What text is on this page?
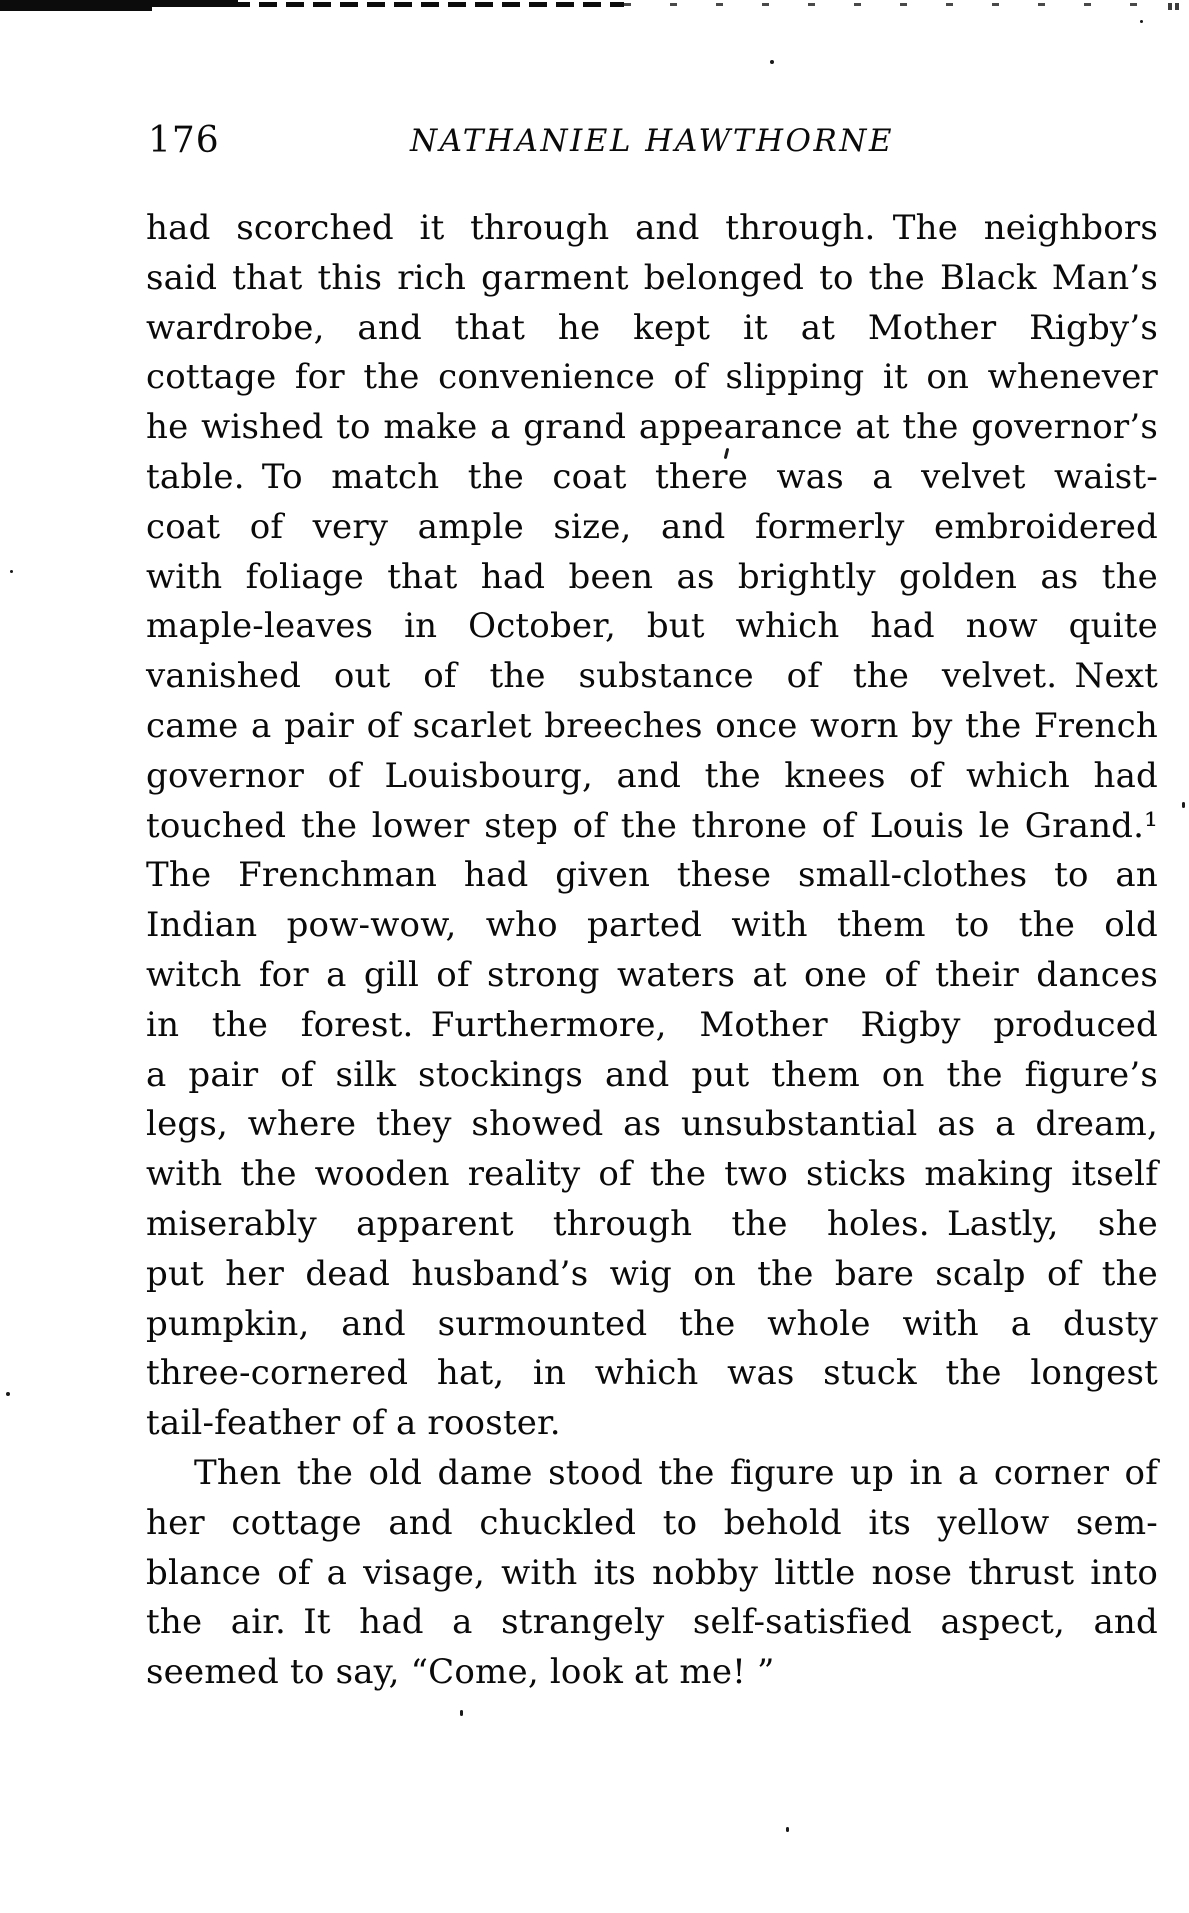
176	NATHANIEL HAWTHORNE
had scorched it through and through. The neighbors
said that this rich garment belonged to the Black Man’s
wardrobe, and that he kept it at Mother Rigby’s
cottage for the convenience of slipping it on whenever
he wished to make a grand appearance at the governor’s
table. To match the coat there was a velvet waist-
coat of very ample size, and formerly embroidered
with foliage that had been as brightly golden as the
maple-leaves in October, but which had now quite
vanished out of the substance of the velvet. Next
came a pair of scarlet breeches once worn by the French
governor of Louisbourg, and the knees of which had
touched the lower step of the throne of Louis le Grand.¹
The Frenchman had given these small-clothes to an
Indian pow-wow, who parted with them to the old
witch for a gill of strong waters at one of their dances
in the forest. Furthermore, Mother Rigby produced
a pair of silk stockings and put them on the figure’s
legs, where they showed as unsubstantial as a dream,
with the wooden reality of the two sticks making itself
miserably apparent through the holes. Lastly, she
put her dead husband’s wig on the bare scalp of the
pumpkin, and surmounted the whole with a dusty
three-cornered hat, in which was stuck the longest
tail-feather of a rooster.
Then the old dame stood the figure up in a corner of
her cottage and chuckled to behold its yellow sem-
blance of a visage, with its nobby little nose thrust into
the air. It had a strangely self-satisfied aspect, and
seemed to say, “Come, look at me! ”
